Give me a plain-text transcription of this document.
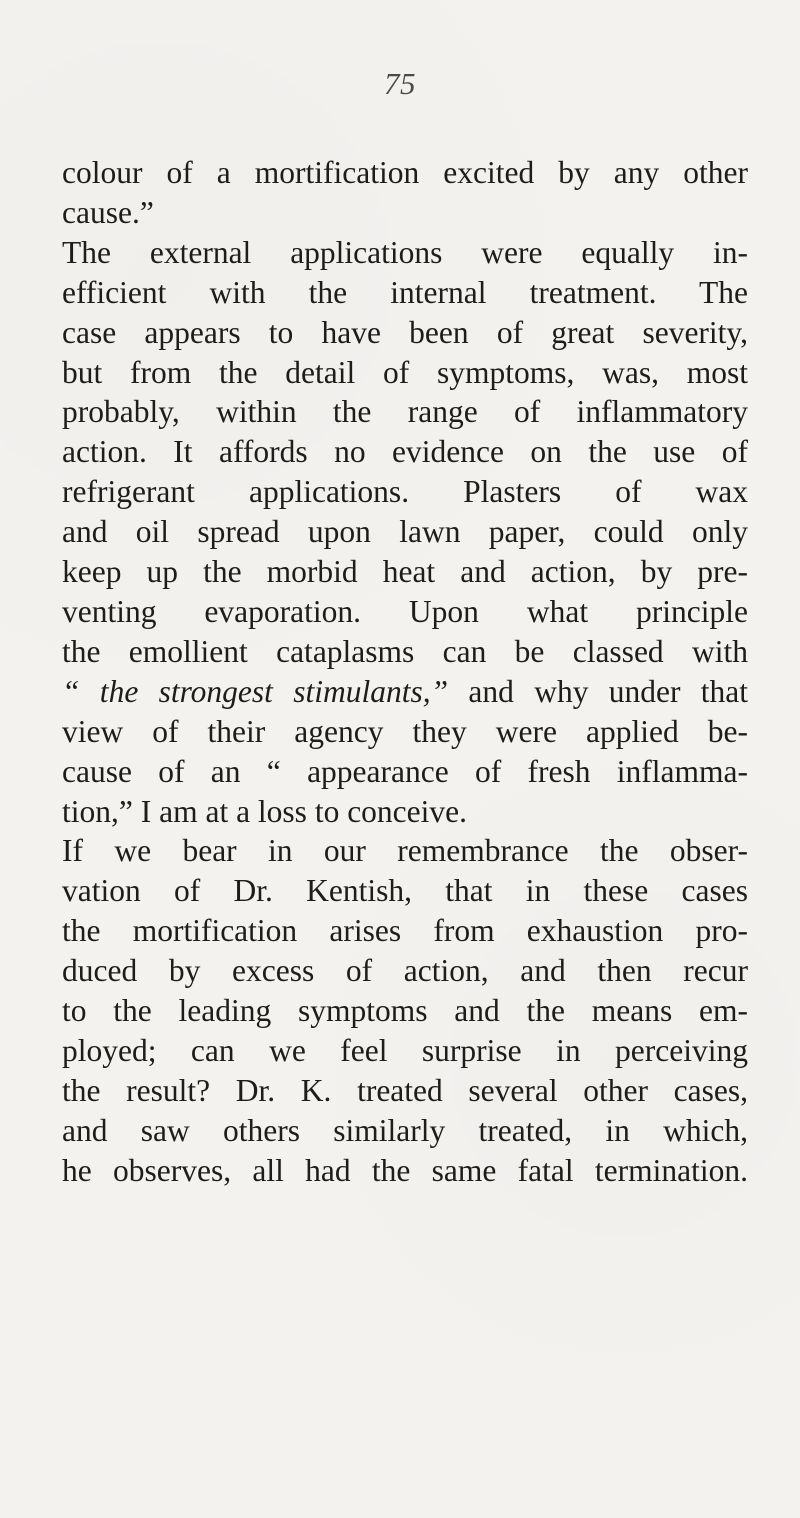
75
colour of a mortification excited by any other
cause.”
The external applications were equally in-
efficient with the internal treatment. The
case appears to have been of great severity,
but from the detail of symptoms, was, most
probably, within the range of inflammatory
action. It affords no evidence on the use of
refrigerant applications. Plasters of wax
and oil spread upon lawn paper, could only
keep up the morbid heat and action, by pre-
venting evaporation. Upon what principle
the emollient cataplasms can be classed with
“ the strongest stimulants,” and why under that
view of their agency they were applied be-
cause of an “ appearance of fresh inflamma-
tion,” I am at a loss to conceive.
If we bear in our remembrance the obser-
vation of Dr. Kentish, that in these cases
the mortification arises from exhaustion pro-
duced by excess of action, and then recur
to the leading symptoms and the means em-
ployed; can we feel surprise in perceiving
the result? Dr. K. treated several other cases,
and saw others similarly treated, in which,
he observes, all had the same fatal termination.
